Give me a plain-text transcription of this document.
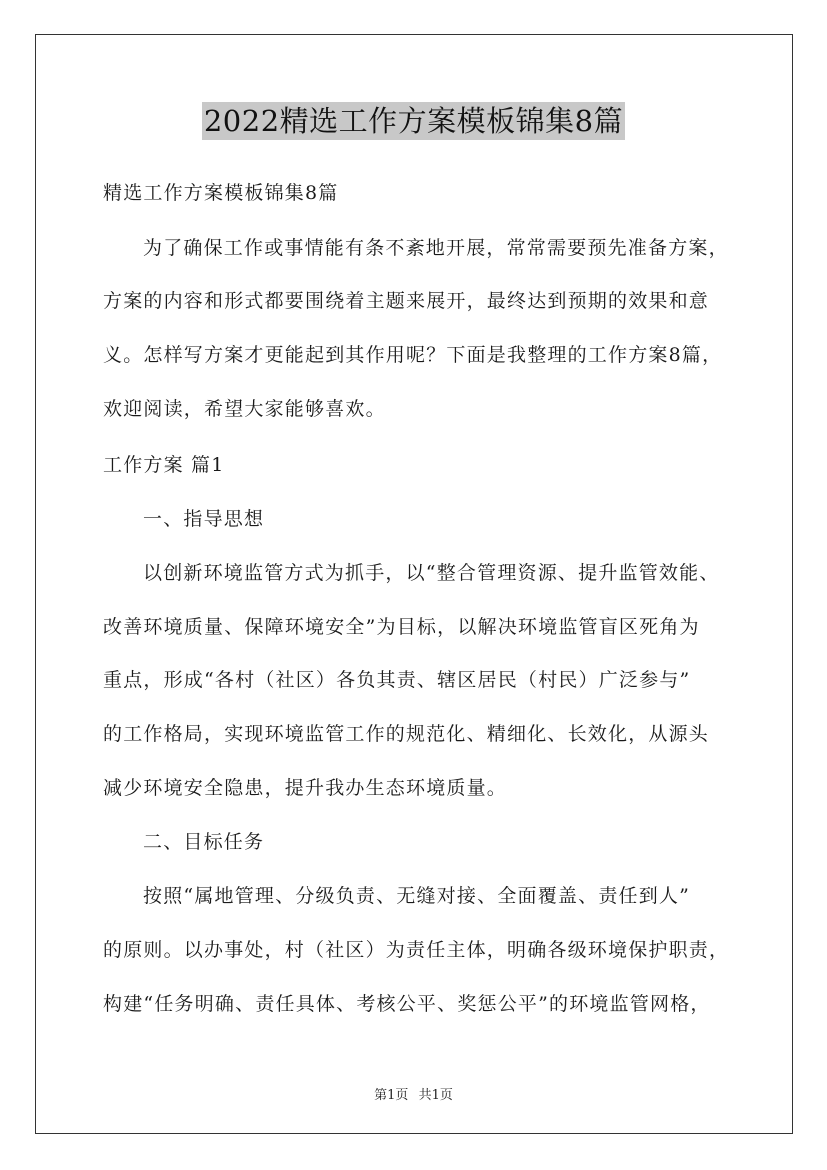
2022精选工作方案模板锦集8篇
精选工作方案模板锦集8篇
为了确保工作或事情能有条不紊地开展，常常需要预先准备方案，
方案的内容和形式都要围绕着主题来展开，最终达到预期的效果和意
义。怎样写方案才更能起到其作用呢？下面是我整理的工作方案8篇，
欢迎阅读，希望大家能够喜欢。
工作方案 篇1
一、指导思想
以创新环境监管方式为抓手，以“整合管理资源、提升监管效能、
改善环境质量、保障环境安全”为目标，以解决环境监管盲区死角为
重点，形成“各村（社区）各负其责、辖区居民（村民）广泛参与”
的工作格局，实现环境监管工作的规范化、精细化、长效化，从源头
减少环境安全隐患，提升我办生态环境质量。
二、目标任务
按照“属地管理、分级负责、无缝对接、全面覆盖、责任到人”
的原则。以办事处，村（社区）为责任主体，明确各级环境保护职责，
构建“任务明确、责任具体、考核公平、奖惩公平”的环境监管网格，
第1页 共1页
